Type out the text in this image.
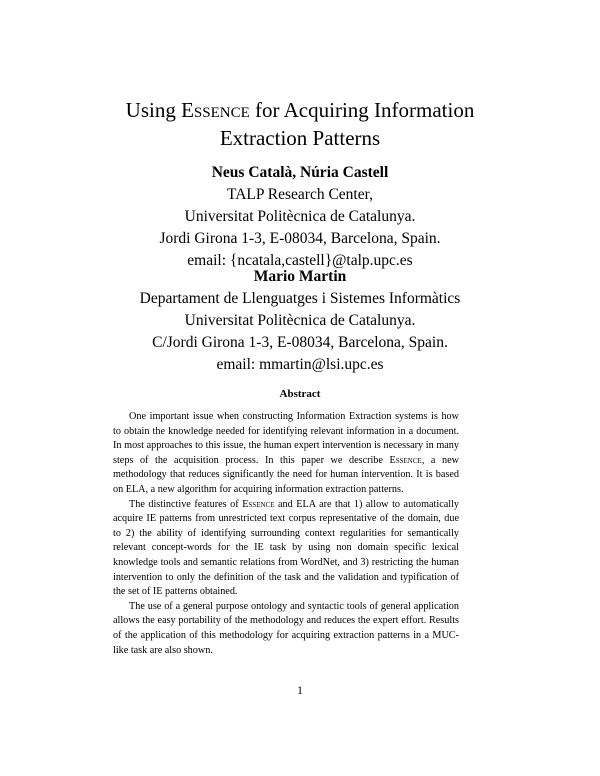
Using Essence for Acquiring Information
Extraction Patterns
Neus Català, Núria Castell
TALP Research Center,
Universitat Politècnica de Catalunya.
Jordi Girona 1-3, E-08034, Barcelona, Spain.
email: {ncatala,castell}@talp.upc.es
Mario Martin
Departament de Llenguatges i Sistemes Informàtics
Universitat Politècnica de Catalunya.
C/Jordi Girona 1-3, E-08034, Barcelona, Spain.
email: mmartin@lsi.upc.es
Abstract

One important issue when constructing Information Extraction systems is how to obtain the knowledge needed for identifying relevant information in a document. In most approaches to this issue, the human expert intervention is necessary in many steps of the acquisition process. In this paper we describe Essence, a new methodology that reduces significantly the need for human intervention. It is based on ELA, a new algorithm for acquiring information extraction patterns.

The distinctive features of Essence and ELA are that 1) allow to automatically acquire IE patterns from unrestricted text corpus representative of the domain, due to 2) the ability of identifying surrounding context regularities for semantically relevant concept-words for the IE task by using non domain specific lexical knowledge tools and semantic relations from WordNet, and 3) restricting the human intervention to only the definition of the task and the validation and typification of the set of IE patterns obtained.

The use of a general purpose ontology and syntactic tools of general application allows the easy portability of the methodology and reduces the expert effort. Results of the application of this methodology for acquiring extraction patterns in a MUC-like task are also shown.

1
